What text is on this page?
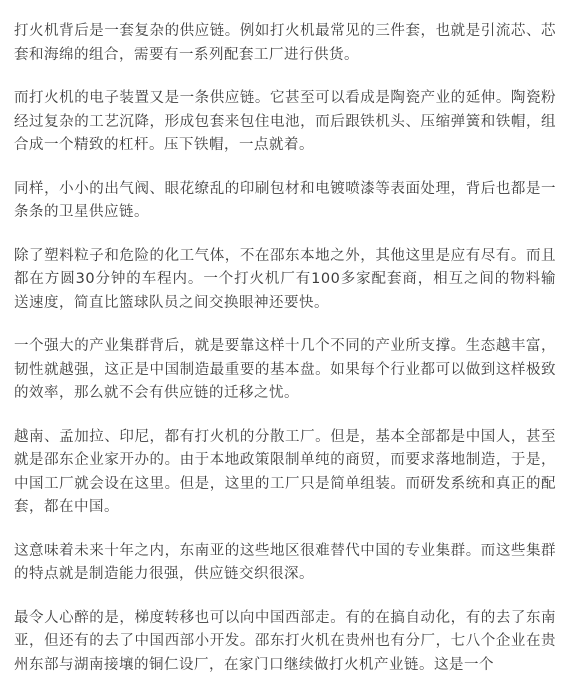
打火机背后是一套复杂的供应链。例如打火机最常见的三件套，也就是引流芯、芯套和海绵的组合，需要有一系列配套工厂进行供货。

而打火机的电子装置又是一条供应链。它甚至可以看成是陶瓷产业的延伸。陶瓷粉经过复杂的工艺沉降，形成包套来包住电池，而后跟铁机头、压缩弹簧和铁帽，组合成一个精致的杠杆。压下铁帽，一点就着。

同样，小小的出气阀、眼花缭乱的印刷包材和电镀喷漆等表面处理，背后也都是一条条的卫星供应链。

除了塑料粒子和危险的化工气体，不在邵东本地之外，其他这里是应有尽有。而且都在方圆30分钟的车程内。一个打火机厂有100多家配套商，相互之间的物料输送速度，简直比篮球队员之间交换眼神还要快。

一个强大的产业集群背后，就是要靠这样十几个不同的产业所支撑。生态越丰富，韧性就越强，这正是中国制造最重要的基本盘。如果每个行业都可以做到这样极致的效率，那么就不会有供应链的迁移之忧。

越南、孟加拉、印尼，都有打火机的分散工厂。但是，基本全部都是中国人，甚至就是邵东企业家开办的。由于本地政策限制单纯的商贸，而要求落地制造，于是，中国工厂就会设在这里。但是，这里的工厂只是简单组装。而研发系统和真正的配套，都在中国。

这意味着未来十年之内，东南亚的这些地区很难替代中国的专业集群。而这些集群的特点就是制造能力很强，供应链交织很深。

最令人心醉的是，梯度转移也可以向中国西部走。有的在搞自动化，有的去了东南亚，但还有的去了中国西部小开发。邵东打火机在贵州也有分厂，七八个企业在贵州东部与湖南接壤的铜仁设厂，在家门口继续做打火机产业链。这是一个
